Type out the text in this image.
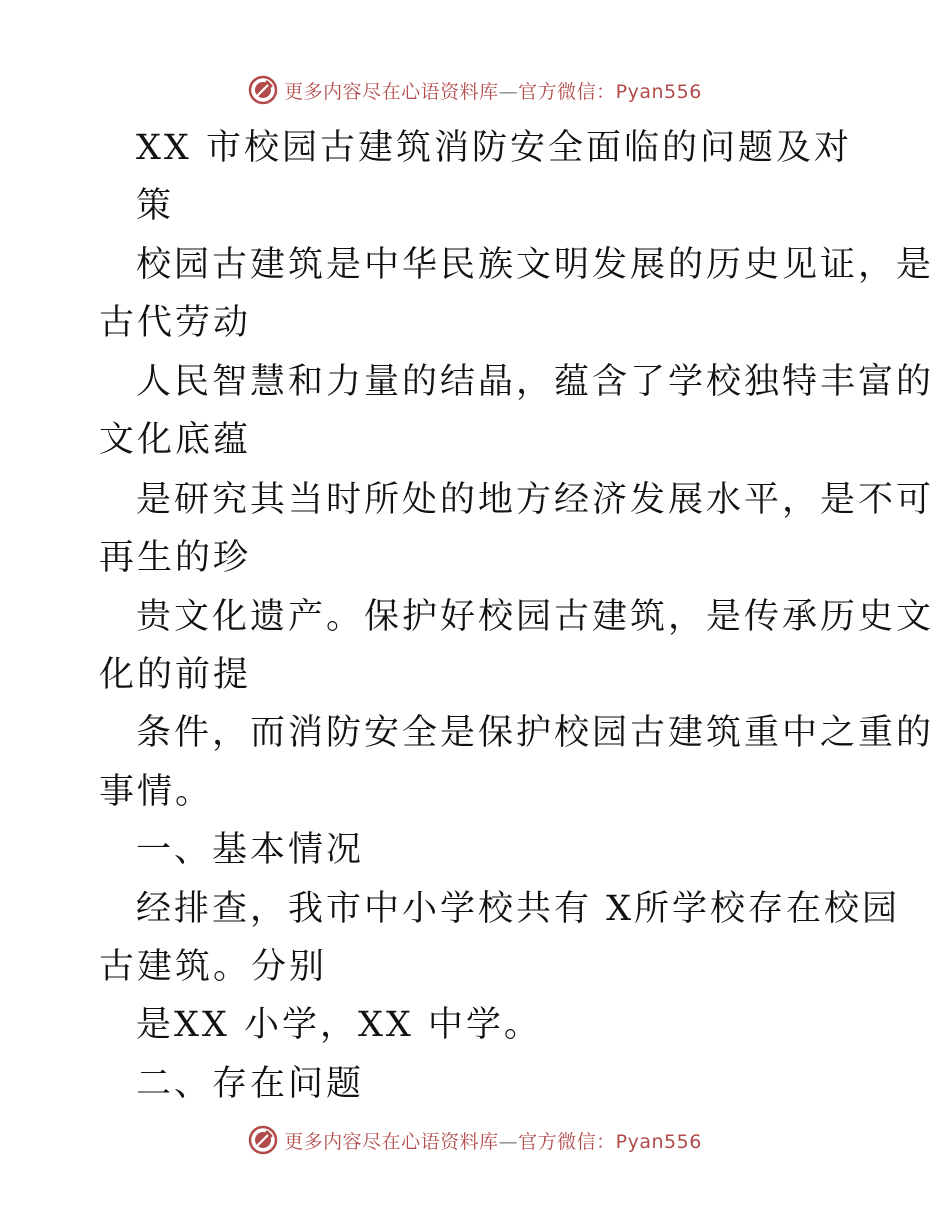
更多内容尽在心语资料库—官方微信：Pyan556
XX 市校园古建筑消防安全面临的问题及对
策
校园古建筑是中华民族文明发展的历史见证，是
古代劳动
人民智慧和力量的结晶，蕴含了学校独特丰富的
文化底蕴
是研究其当时所处的地方经济发展水平，是不可
再生的珍
贵文化遗产。保护好校园古建筑，是传承历史文
化的前提
条件，而消防安全是保护校园古建筑重中之重的
事情。
一、基本情况
经排查，我市中小学校共有 X所学校存在校园
古建筑。分别
是XX 小学，XX 中学。
二、存在问题
更多内容尽在心语资料库—官方微信：Pyan556
